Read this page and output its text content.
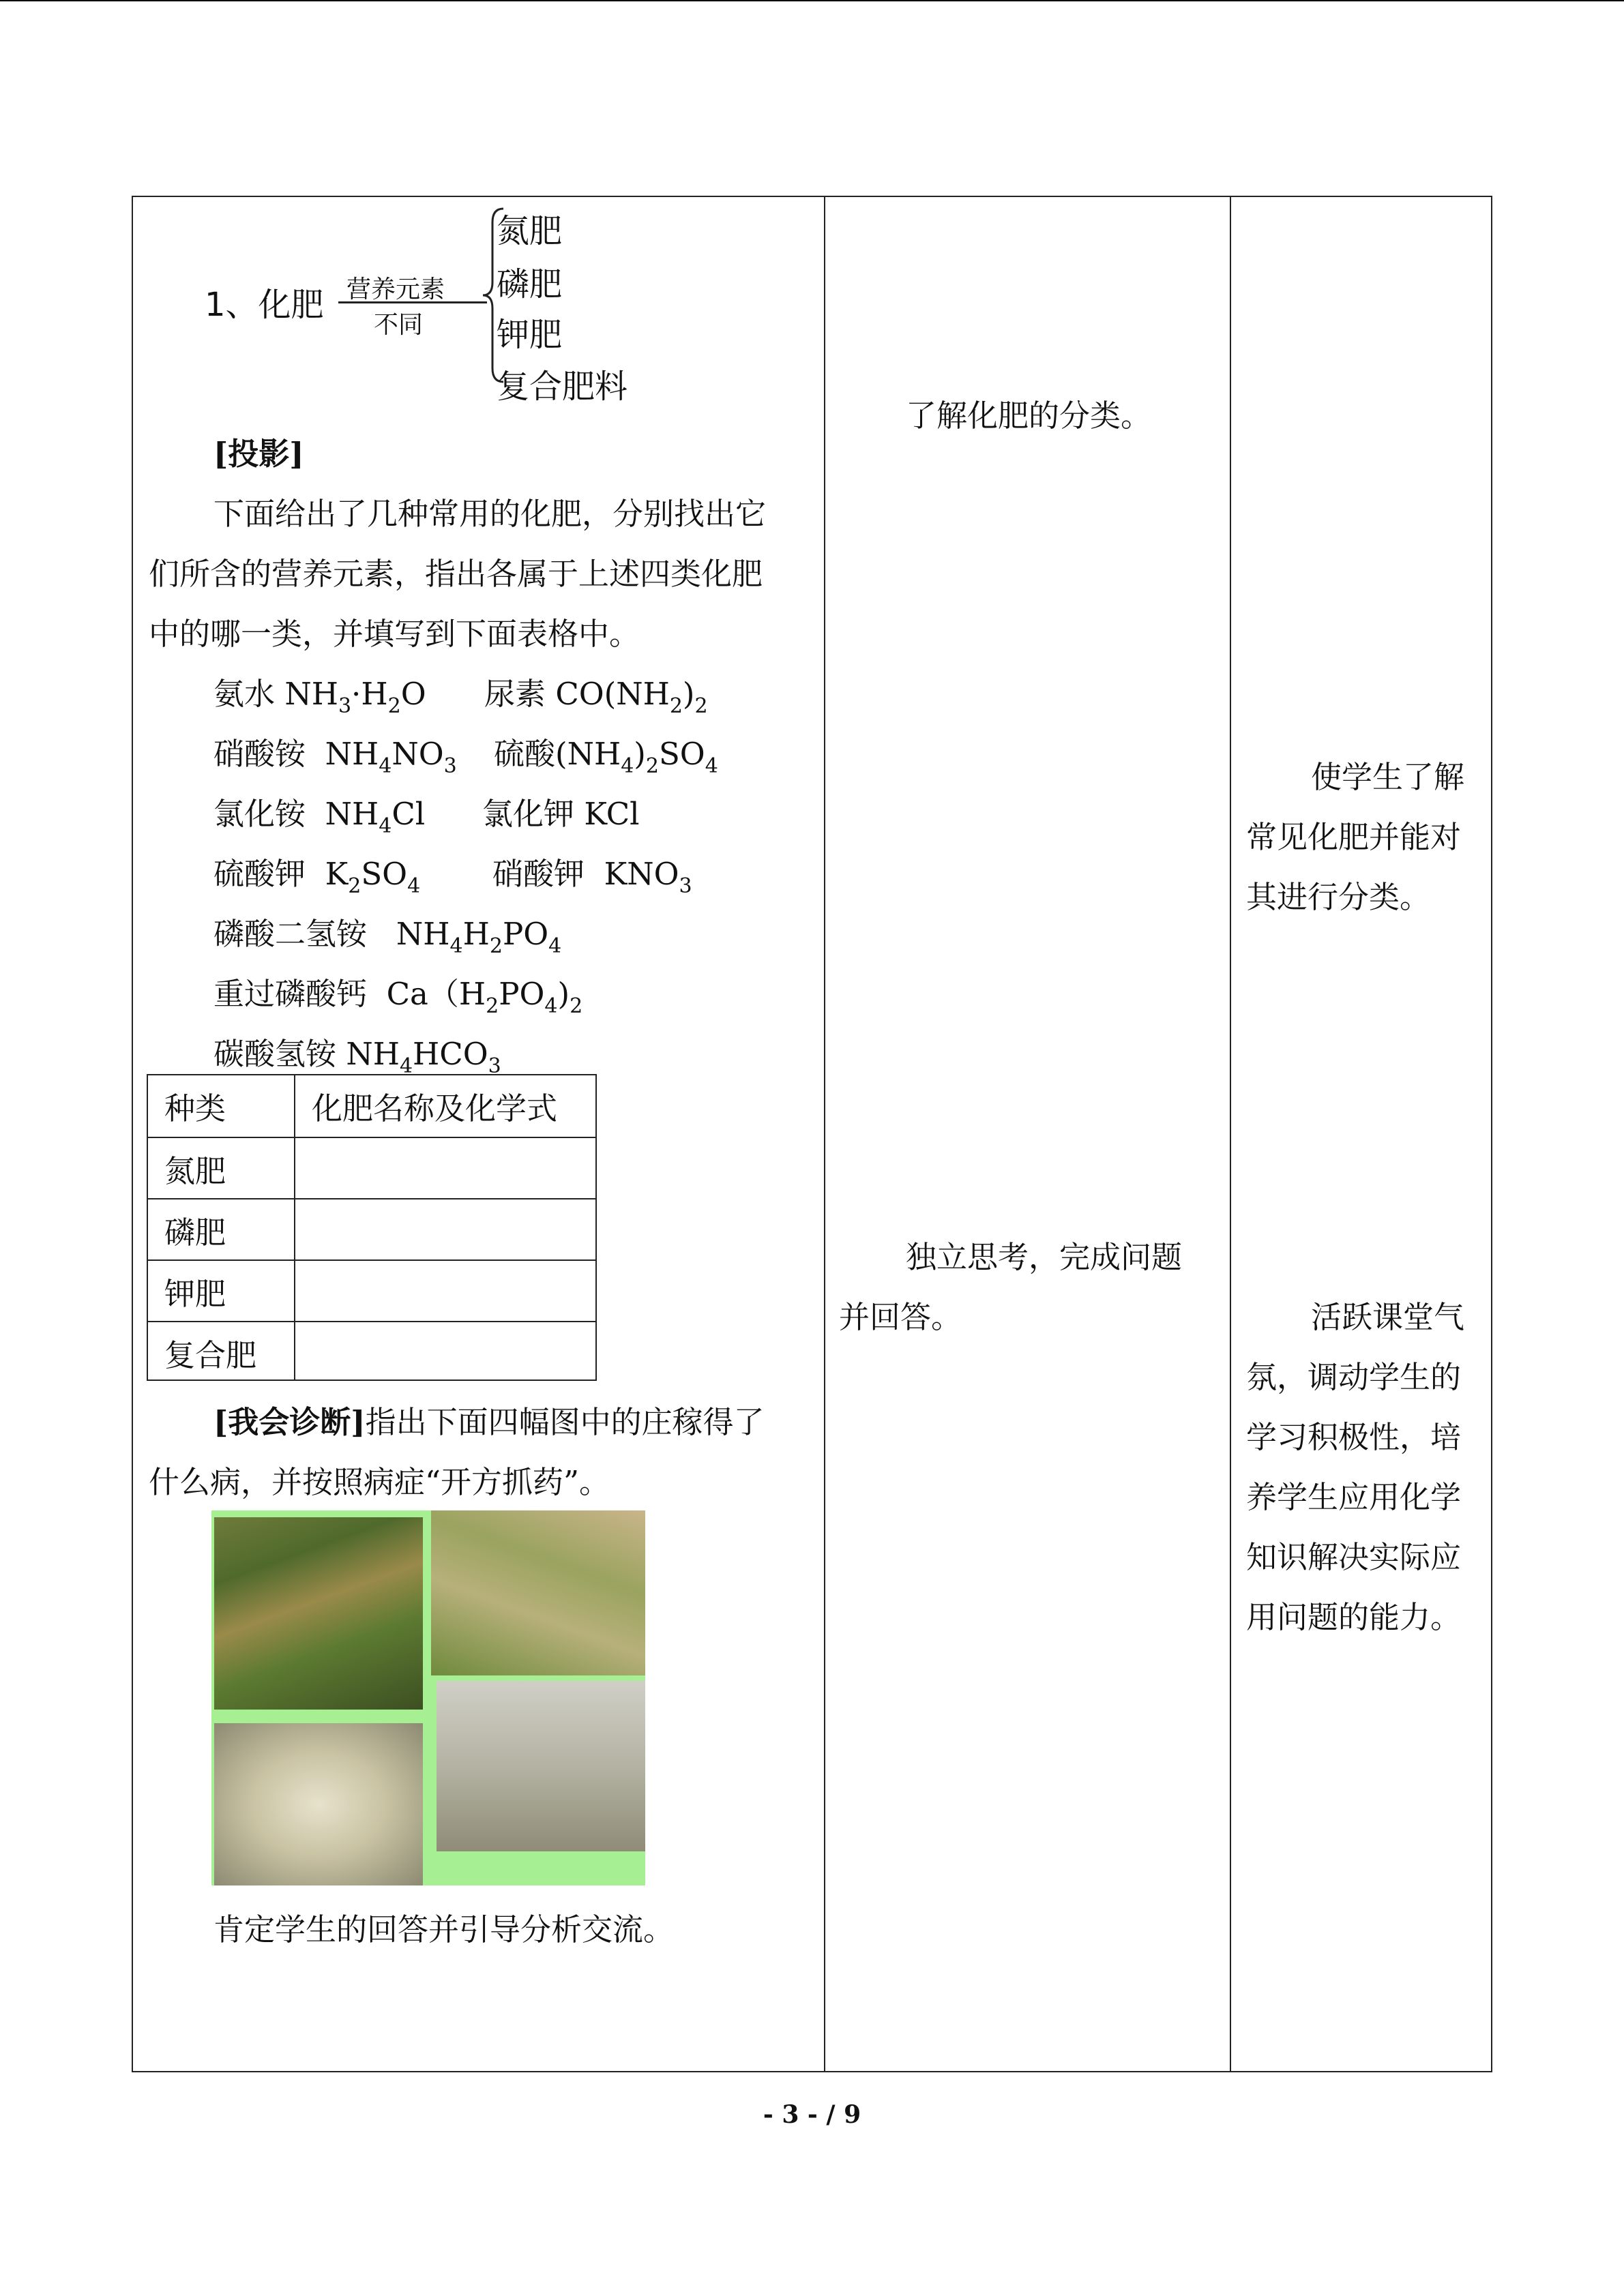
1、化肥 营养元素
不同
氮肥
磷肥
钾肥
复合肥料
[投影]
下面给出了几种常用的化肥，分别找出它
们所含的营养元素，指出各属于上述四类化肥
中的哪一类，并填写到下面表格中。
氨水 $NH_3\cdot H_2O$ 尿素 $CO(NH_2)_2$
硝酸铵  $NH_4NO_3$ 硫酸$(NH_4)_2SO_4$
氯化铵  $NH_4Cl$ 氯化钾 KCl
硫酸钾  $K_2SO_4$ 硝酸钾  $KNO_3$
磷酸二氢铵   $NH_4H_2PO_4$
重过磷酸钙  $Ca(H_2PO_4)_2$
碳酸氢铵 $NH_4HCO_3$
种类	化肥名称及化学式
氮肥
磷肥
钾肥
复合肥
[我会诊断]指出下面四幅图中的庄稼得了
什么病，并按照病症“开方抓药”。
肯定学生的回答并引导分析交流。
了解化肥的分类。
独立思考，完成问题
并回答。
使学生了解
常见化肥并能对
其进行分类。
活跃课堂气
氛，调动学生的
学习积极性，培
养学生应用化学
知识解决实际应
用问题的能力。
- 3 - / 9
